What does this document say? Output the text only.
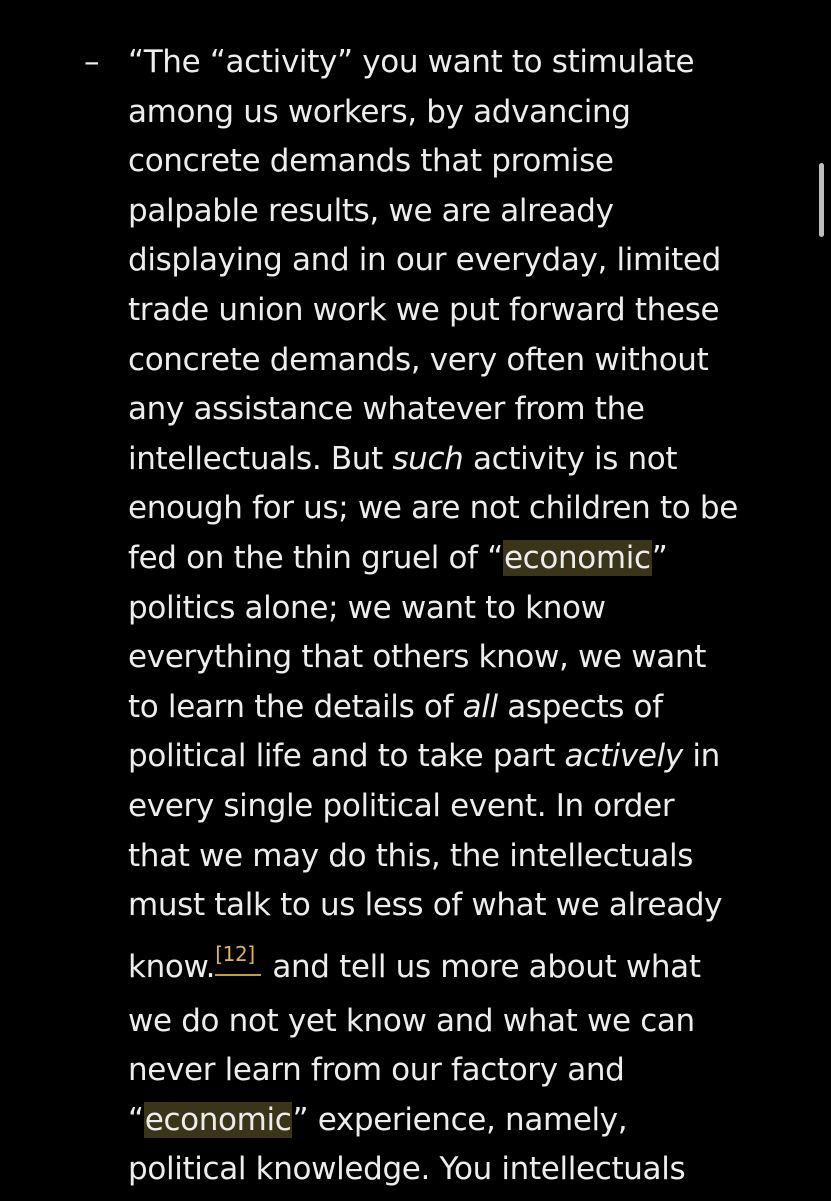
– “The “activity” you want to stimulate
among us workers, by advancing
concrete demands that promise
palpable results, we are already
displaying and in our everyday, limited
trade union work we put forward these
concrete demands, very often without
any assistance whatever from the
intellectuals. But such activity is not
enough for us; we are not children to be
fed on the thin gruel of “economic”
politics alone; we want to know
everything that others know, we want
to learn the details of all aspects of
political life and to take part actively in
every single political event. In order
that we may do this, the intellectuals
must talk to us less of what we already
know.[12] and tell us more about what
we do not yet know and what we can
never learn from our factory and
“economic” experience, namely,
political knowledge. You intellectuals
